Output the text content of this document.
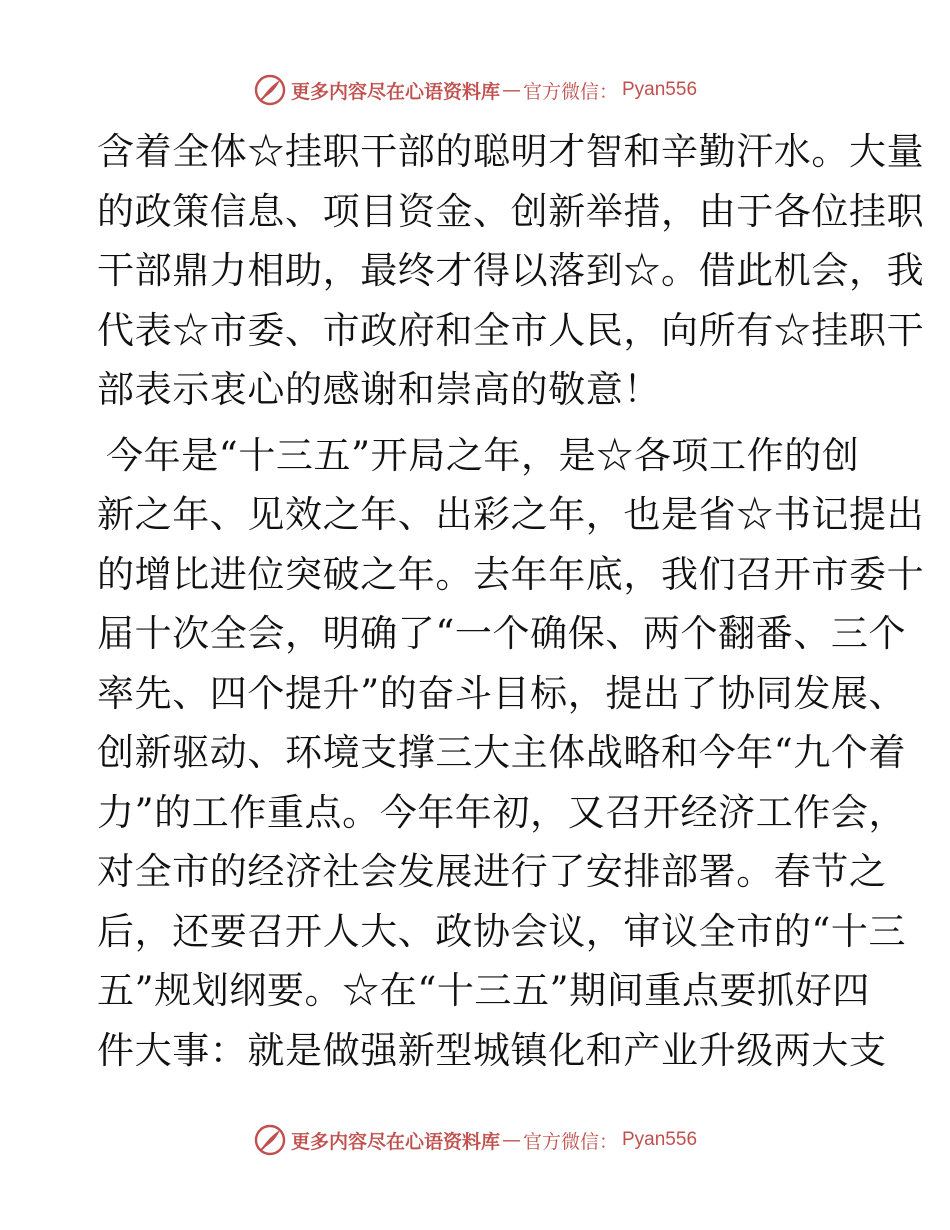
更多内容尽在心语资料库 — 官方微信： Pyan556

含着全体☆挂职干部的聪明才智和辛勤汗水。大量
的政策信息、项目资金、创新举措，由于各位挂职
干部鼎力相助，最终才得以落到☆。借此机会，我
代表☆市委、市政府和全市人民，向所有☆挂职干
部表示衷心的感谢和崇高的敬意！

今年是“十三五”开局之年，是☆各项工作的创
新之年、见效之年、出彩之年，也是省☆书记提出
的增比进位突破之年。去年年底，我们召开市委十
届十次全会，明确了“一个确保、两个翻番、三个
率先、四个提升”的奋斗目标，提出了协同发展、
创新驱动、环境支撑三大主体战略和今年“九个着
力”的工作重点。今年年初，又召开经济工作会，
对全市的经济社会发展进行了安排部署。春节之
后，还要召开人大、政协会议，审议全市的“十三
五”规划纲要。☆在“十三五”期间重点要抓好四
件大事：就是做强新型城镇化和产业升级两大支

更多内容尽在心语资料库 — 官方微信： Pyan556
